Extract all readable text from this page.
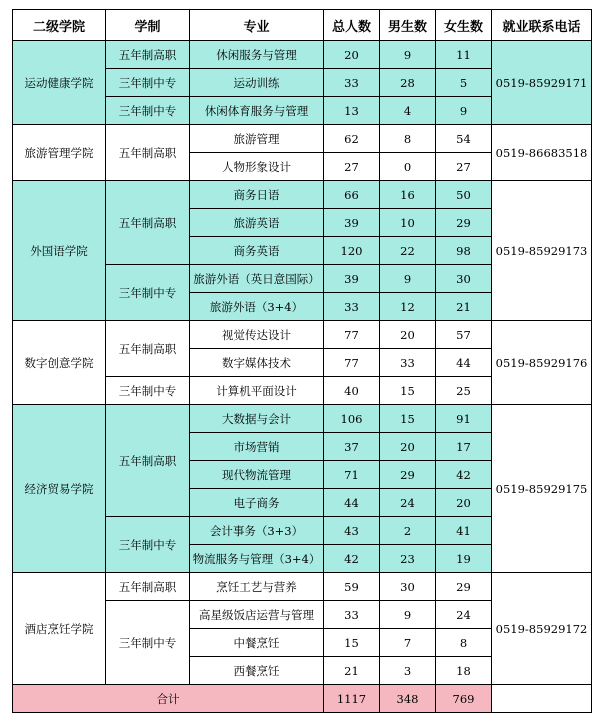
二级学院	学制	专业	总人数	男生数	女生数	就业联系电话
运动健康学院	五年制高职	休闲服务与管理	20	9	11	0519-85929171
	三年制中专	运动训练	33	28	5	
	三年制中专	休闲体育服务与管理	13	4	9	
旅游管理学院	五年制高职	旅游管理	62	8	54	0519-86683518
		人物形象设计	27	0	27	
外国语学院	五年制高职	商务日语	66	16	50	0519-85929173
		旅游英语	39	10	29	
		商务英语	120	22	98	
	三年制中专	旅游外语（英日意国际）	39	9	30	
		旅游外语（3+4）	33	12	21	
数字创意学院	五年制高职	视觉传达设计	77	20	57	0519-85929176
		数字媒体技术	77	33	44	
	三年制中专	计算机平面设计	40	15	25	
经济贸易学院	五年制高职	大数据与会计	106	15	91	0519-85929175
		市场营销	37	20	17	
		现代物流管理	71	29	42	
		电子商务	44	24	20	
	三年制中专	会计事务（3+3）	43	2	41	
		物流服务与管理（3+4）	42	23	19	
酒店烹饪学院	五年制高职	烹饪工艺与营养	59	30	29	0519-85929172
	三年制中专	高星级饭店运营与管理	33	9	24	
		中餐烹饪	15	7	8	
		西餐烹饪	21	3	18	
合计			1117	348	769	
